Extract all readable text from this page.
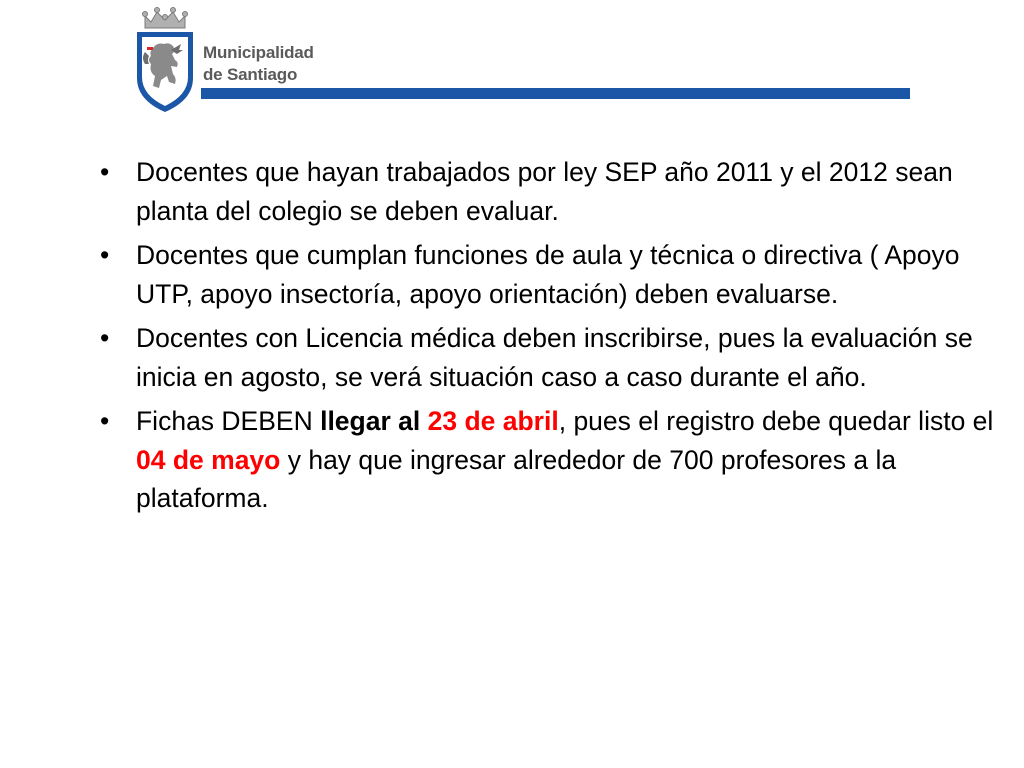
Municipalidad
de Santiago
• Docentes que hayan trabajados por ley SEP año 2011 y el 2012 sean planta del colegio se deben evaluar.
• Docentes que cumplan funciones de aula y técnica o directiva ( Apoyo UTP, apoyo insectoría, apoyo orientación) deben evaluarse.
• Docentes con Licencia médica deben inscribirse, pues la evaluación se inicia en agosto, se verá situación caso a caso durante el año.
• Fichas DEBEN llegar al 23 de abril, pues el registro debe quedar listo el 04 de mayo y hay que ingresar alrededor de 700 profesores a la plataforma.
